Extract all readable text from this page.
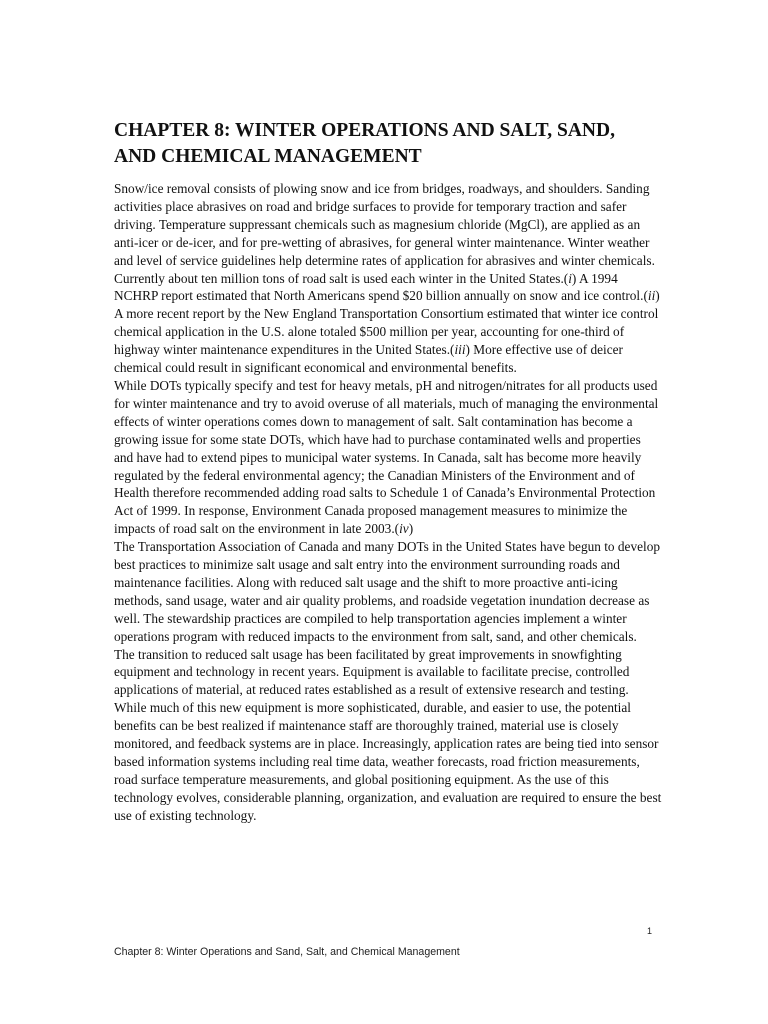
CHAPTER 8: WINTER OPERATIONS AND SALT, SAND,
AND CHEMICAL MANAGEMENT

Snow/ice removal consists of plowing snow and ice from bridges, roadways, and shoulders. Sanding activities place abrasives on road and bridge surfaces to provide for temporary traction and safer driving. Temperature suppressant chemicals such as magnesium chloride (MgCl), are applied as an anti-icer or de-icer, and for pre-wetting of abrasives, for general winter maintenance. Winter weather and level of service guidelines help determine rates of application for abrasives and winter chemicals. Currently about ten million tons of road salt is used each winter in the United States.(i) A 1994 NCHRP report estimated that North Americans spend $20 billion annually on snow and ice control.(ii) A more recent report by the New England Transportation Consortium estimated that winter ice control chemical application in the U.S. alone totaled $500 million per year, accounting for one-third of highway winter maintenance expenditures in the United States.(iii) More effective use of deicer chemical could result in significant economical and environmental benefits.

While DOTs typically specify and test for heavy metals, pH and nitrogen/nitrates for all products used for winter maintenance and try to avoid overuse of all materials, much of managing the environmental effects of winter operations comes down to management of salt. Salt contamination has become a growing issue for some state DOTs, which have had to purchase contaminated wells and properties and have had to extend pipes to municipal water systems. In Canada, salt has become more heavily regulated by the federal environmental agency; the Canadian Ministers of the Environment and of Health therefore recommended adding road salts to Schedule 1 of Canada’s Environmental Protection Act of 1999. In response, Environment Canada proposed management measures to minimize the impacts of road salt on the environment in late 2003.(iv)

The Transportation Association of Canada and many DOTs in the United States have begun to develop best practices to minimize salt usage and salt entry into the environment surrounding roads and maintenance facilities. Along with reduced salt usage and the shift to more proactive anti-icing methods, sand usage, water and air quality problems, and roadside vegetation inundation decrease as well. The stewardship practices are compiled to help transportation agencies implement a winter operations program with reduced impacts to the environment from salt, sand, and other chemicals.

The transition to reduced salt usage has been facilitated by great improvements in snowfighting equipment and technology in recent years. Equipment is available to facilitate precise, controlled applications of material, at reduced rates established as a result of extensive research and testing. While much of this new equipment is more sophisticated, durable, and easier to use, the potential benefits can be best realized if maintenance staff are thoroughly trained, material use is closely monitored, and feedback systems are in place. Increasingly, application rates are being tied into sensor based information systems including real time data, weather forecasts, road friction measurements, road surface temperature measurements, and global positioning equipment. As the use of this technology evolves, considerable planning, organization, and evaluation are required to ensure the best use of existing technology.

1
Chapter 8: Winter Operations and Sand, Salt, and Chemical Management
